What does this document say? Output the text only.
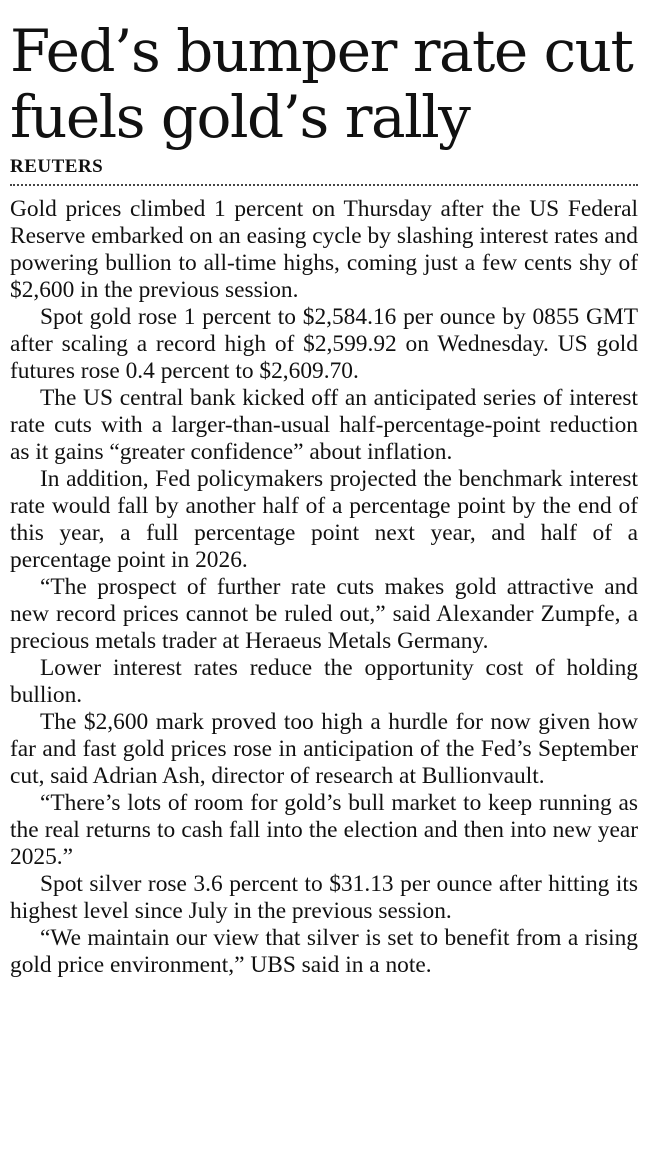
Fed’s bumper rate cut fuels gold’s rally
REUTERS

Gold prices climbed 1 percent on Thursday after the US Federal Reserve embarked on an easing cycle by slashing interest rates and powering bullion to all-time highs, coming just a few cents shy of $2,600 in the previous session.

Spot gold rose 1 percent to $2,584.16 per ounce by 0855 GMT after scaling a record high of $2,599.92 on Wednesday. US gold futures rose 0.4 percent to $2,609.70.

The US central bank kicked off an anticipated series of interest rate cuts with a larger-than-usual half-percentage-point reduction as it gains “greater confidence” about inflation.

In addition, Fed policymakers projected the benchmark interest rate would fall by another half of a percentage point by the end of this year, a full percentage point next year, and half of a percentage point in 2026.

“The prospect of further rate cuts makes gold attractive and new record prices cannot be ruled out,” said Alexander Zumpfe, a precious metals trader at Heraeus Metals Germany.

Lower interest rates reduce the opportunity cost of holding bullion.

The $2,600 mark proved too high a hurdle for now given how far and fast gold prices rose in anticipation of the Fed’s September cut, said Adrian Ash, director of research at Bullionvault.

“There’s lots of room for gold’s bull market to keep running as the real returns to cash fall into the election and then into new year 2025.”

Spot silver rose 3.6 percent to $31.13 per ounce after hitting its highest level since July in the previous session.

“We maintain our view that silver is set to benefit from a rising gold price environment,” UBS said in a note.
